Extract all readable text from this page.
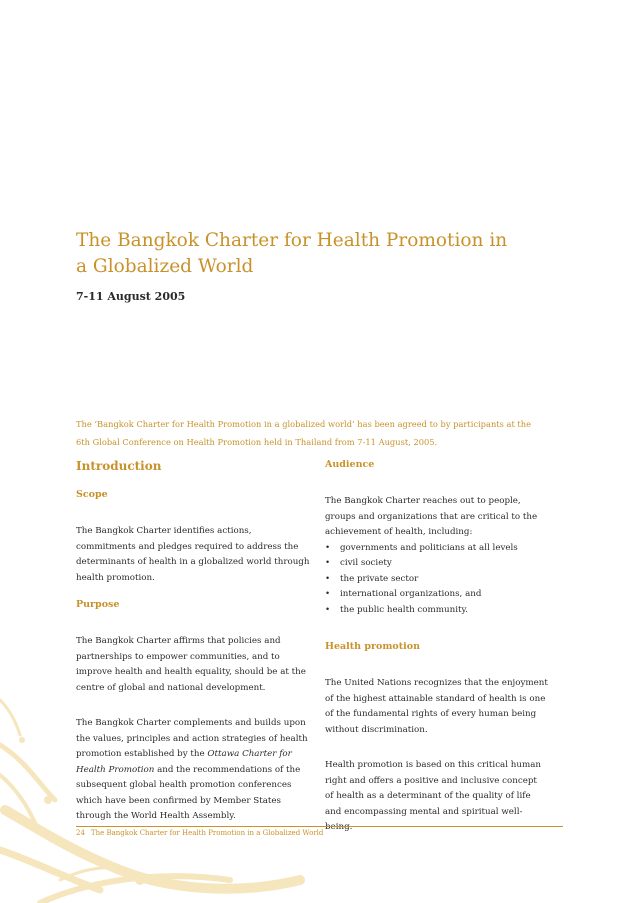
The Bangkok Charter for Health Promotion in
a Globalized World
7-11 August 2005

The ‘Bangkok Charter for Health Promotion in a globalized world’ has been agreed to by participants at the
6th Global Conference on Health Promotion held in Thailand from 7-11 August, 2005.

Introduction
Scope

The Bangkok Charter identifies actions,
commitments and pledges required to address the
determinants of health in a globalized world through
health promotion.

Purpose

The Bangkok Charter affirms that policies and
partnerships to empower communities, and to
improve health and health equality, should be at the
centre of global and national development.

The Bangkok Charter complements and builds upon
the values, principles and action strategies of health
promotion established by the Ottawa Charter for
Health Promotion and the recommendations of the
subsequent global health promotion conferences
which have been confirmed by Member States
through the World Health Assembly.

Audience

The Bangkok Charter reaches out to people,
groups and organizations that are critical to the
achievement of health, including:

• governments and politicians at all levels
• civil society
• the private sector
• international organizations, and
• the public health community.
Health promotion

The United Nations recognizes that the enjoyment
of the highest attainable standard of health is one
of the fundamental rights of every human being
without discrimination.

Health promotion is based on this critical human
right and offers a positive and inclusive concept
of health as a determinant of the quality of life
and encompassing mental and spiritual well-
being.

24 The Bangkok Charter for Health Promotion in a Globalized World
